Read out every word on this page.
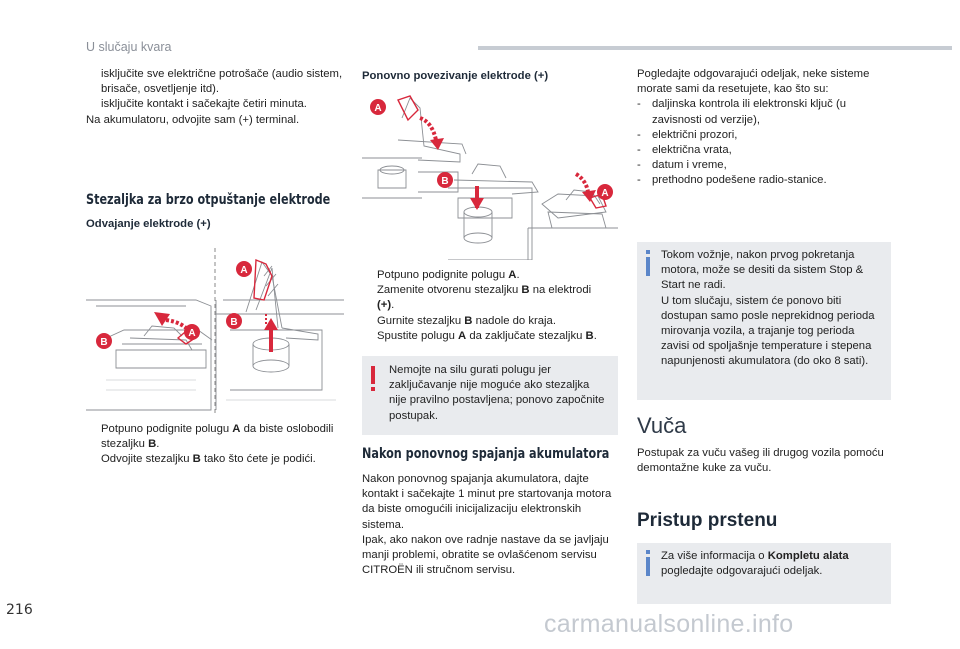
U slučaju kvara
isključite sve električne potrošače (audio sistem, brisače, osvetljenje itd).
isključite kontakt i sačekajte četiri minuta.

Na akumulatoru, odvojite sam (+) terminal.

Stezaljka za brzo otpuštanje elektrode
Odvajanje elektrode (+)
A
A
B
B
Potpuno podignite polugu A da biste oslobodili stezaljku B.
Odvojite stezaljku B tako što ćete je podići.
Ponovno povezivanje elektrode (+)
A
B
A
Potpuno podignite polugu A.
Zamenite otvorenu stezaljku B na elektrodi
(+).
Gurnite stezaljku B nadole do kraja.
Spustite polugu A da zaključate stezaljku B.
Nemojte na silu gurati polugu jer zaključavanje nije moguće ako stezaljka nije pravilno postavljena; ponovo započnite postupak.
Nakon ponovnog spajanja akumulatora
Nakon ponovnog spajanja akumulatora, dajte kontakt i sačekajte 1 minut pre startovanja motora da biste omogućili inicijalizaciju elektronskih sistema.
Ipak, ako nakon ove radnje nastave da se javljaju manji problemi, obratite se ovlašćenom servisu CITROËN ili stručnom servisu.

Pogledajte odgovarajući odeljak, neke sisteme morate sami da resetujete, kao što su:

- daljinska kontrola ili elektronski ključ (u zavisnosti od verzije),
- električni prozori,
- električna vrata,
- datum i vreme,
- prethodno podešene radio-stanice.
Tokom vožnje, nakon prvog pokretanja motora, može se desiti da sistem Stop & Start ne radi.
U tom slučaju, sistem će ponovo biti dostupan samo posle neprekidnog perioda mirovanja vozila, a trajanje tog perioda zavisi od spoljašnje temperature i stepena napunjenosti akumulatora (do oko 8 sati).
Vuča
Postupak za vuču vašeg ili drugog vozila pomoću demontažne kuke za vuču.
Pristup prstenu
Za više informacija o Kompletu alata pogledajte odgovarajući odeljak.
216	carmanualsonline.info
